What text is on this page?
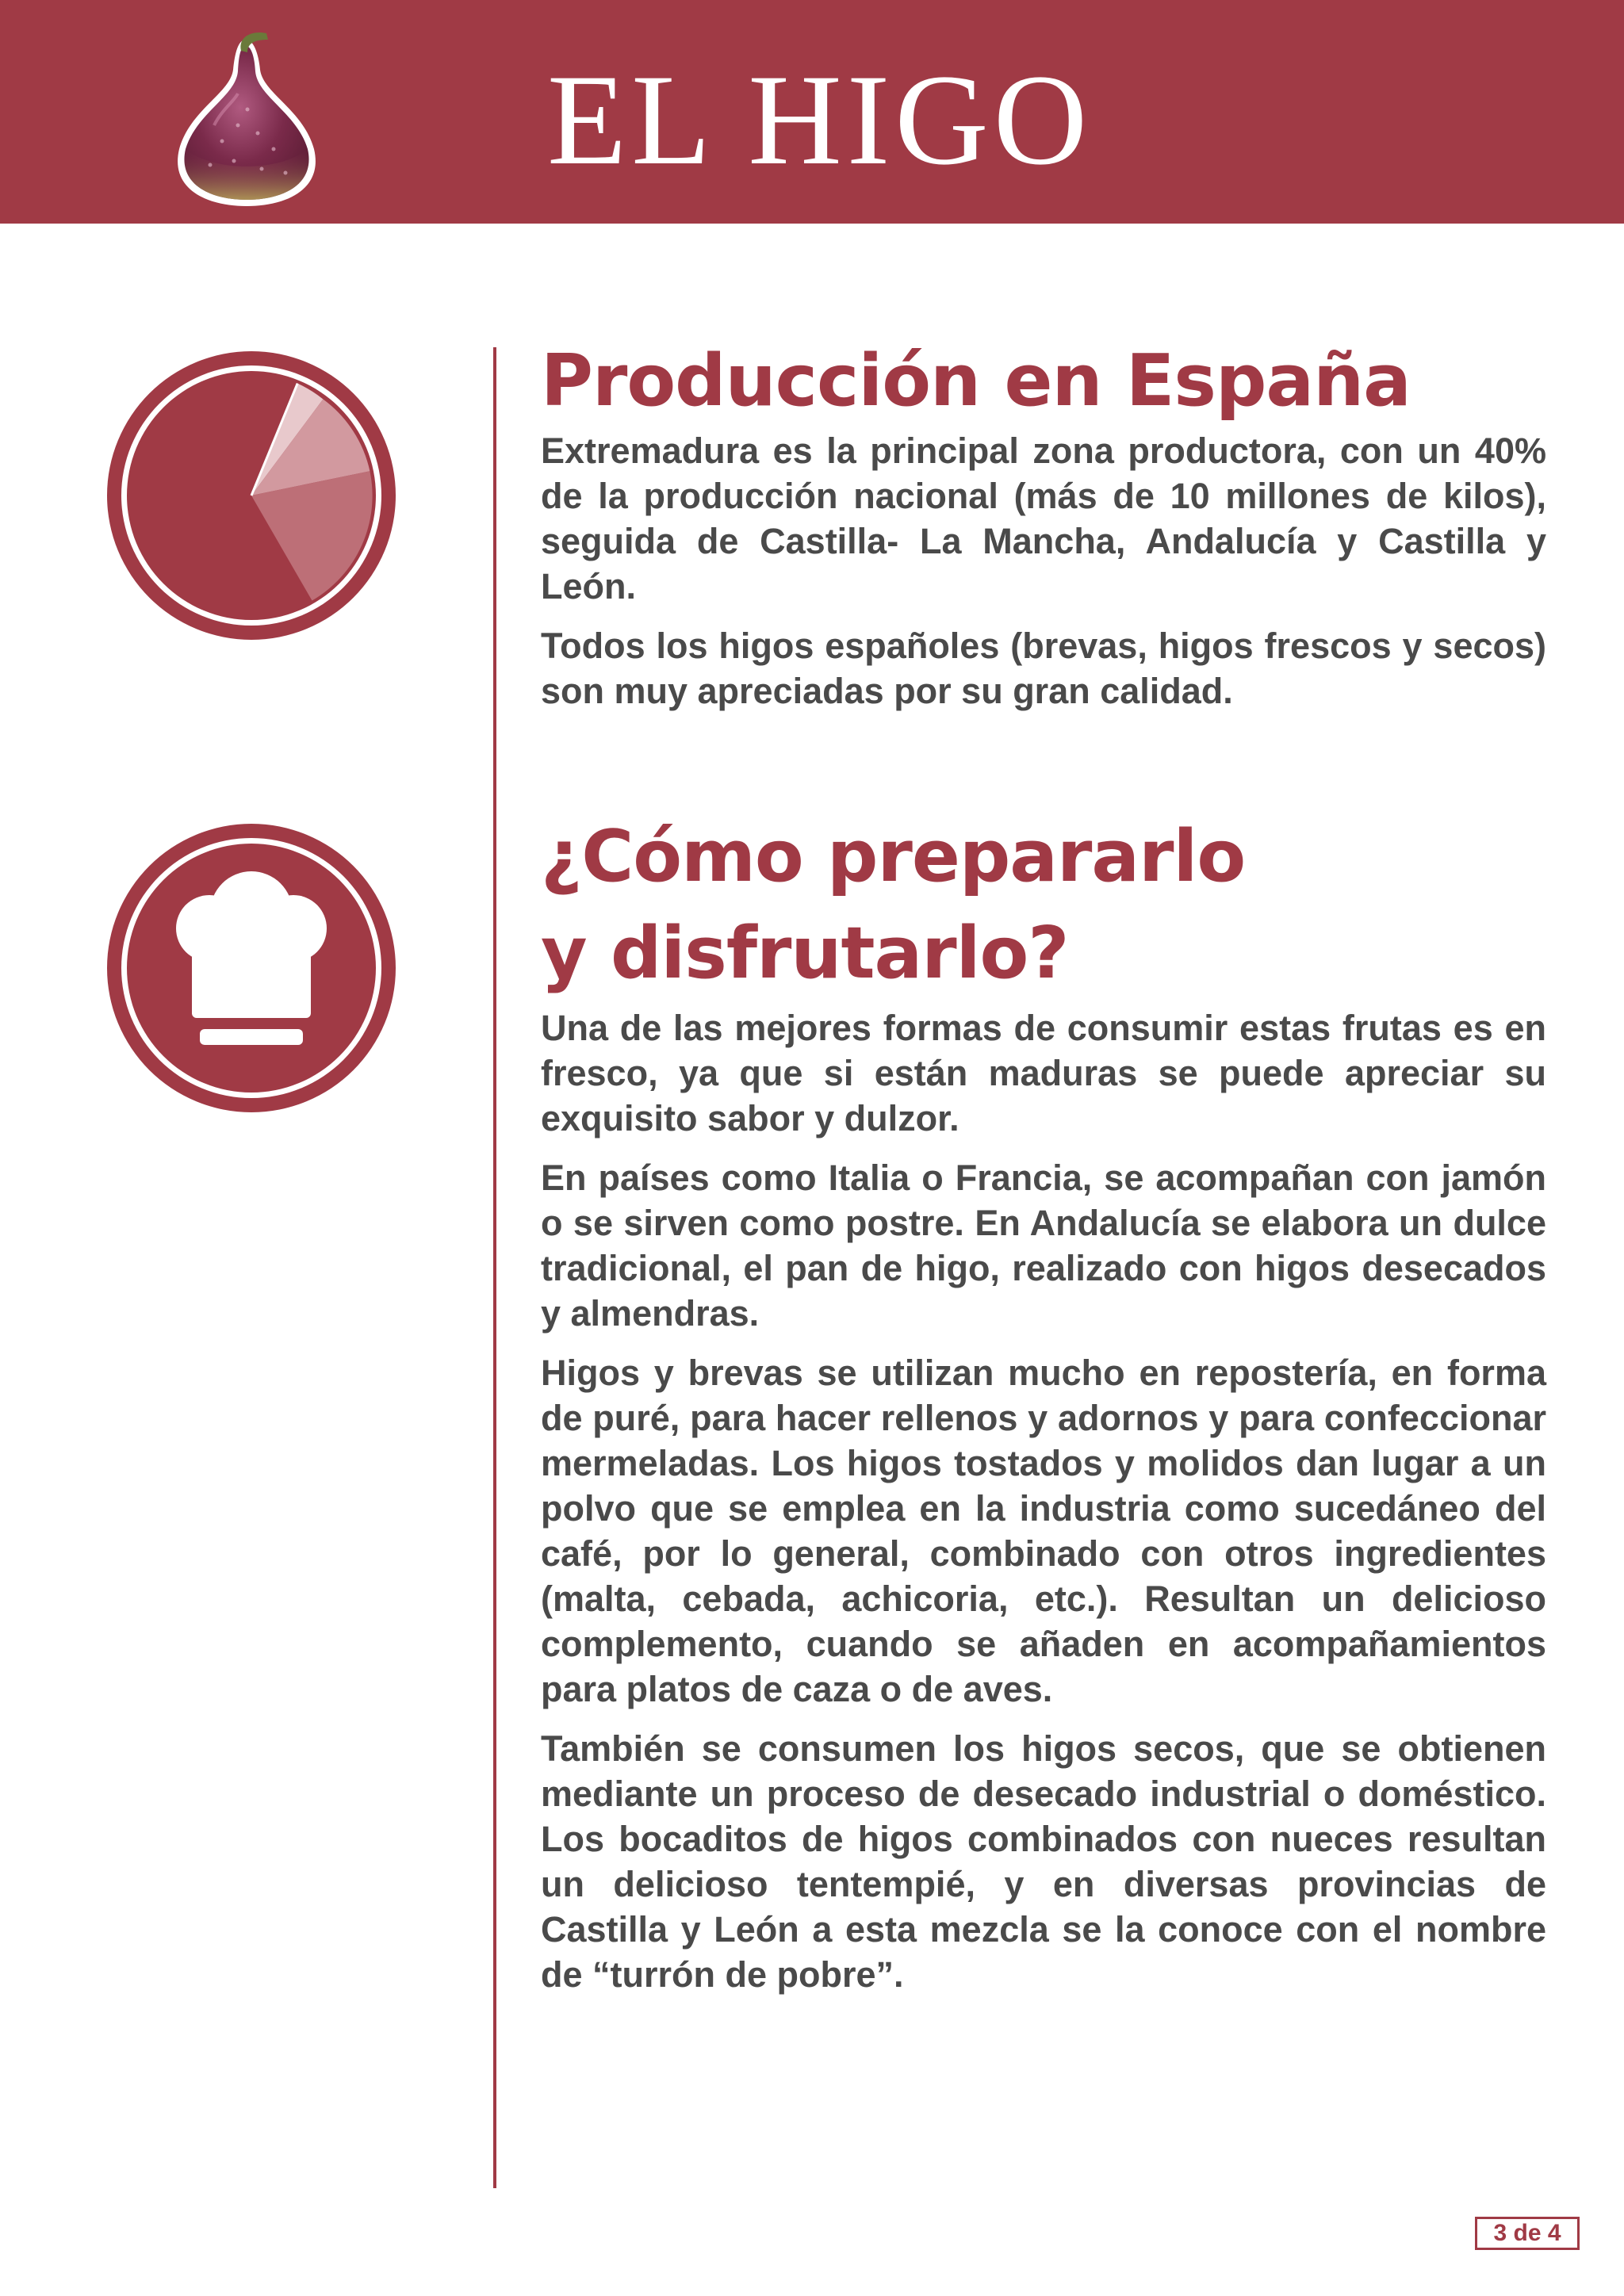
EL HIGO
Producción en España

Extremadura es la principal zona productora, con un 40% de la producción nacional (más de 10 millones de kilos), seguida de Castilla- La Mancha, Andalucía y Castilla y León.

Todos los higos españoles (brevas, higos frescos y secos) son muy apreciadas por su gran calidad.

¿Cómo prepararlo
y disfrutarlo?

Una de las mejores formas de consumir estas frutas es en fresco, ya que si están maduras se puede apreciar su exquisito sabor y dulzor.

En países como Italia o Francia, se acompañan con jamón o se sirven como postre. En Andalucía se elabora un dulce tradicional, el pan de higo, realizado con higos desecados y almendras.

Higos y brevas se utilizan mucho en repostería, en forma de puré, para hacer rellenos y adornos y para confeccionar mermeladas. Los higos tostados y molidos dan lugar a un polvo que se emplea en la industria como sucedáneo del café, por lo general, combinado con otros ingredientes (malta, cebada, achicoria, etc.). Resultan un delicioso complemento, cuando se añaden en acompañamientos para platos de caza o de aves.

También se consumen los higos secos, que se obtienen mediante un proceso de desecado industrial o doméstico. Los bocaditos de higos combinados con nueces resultan un delicioso tentempié, y en diversas provincias de Castilla y León a esta mezcla se la conoce con el nombre de “turrón de pobre”.

3 de 4
